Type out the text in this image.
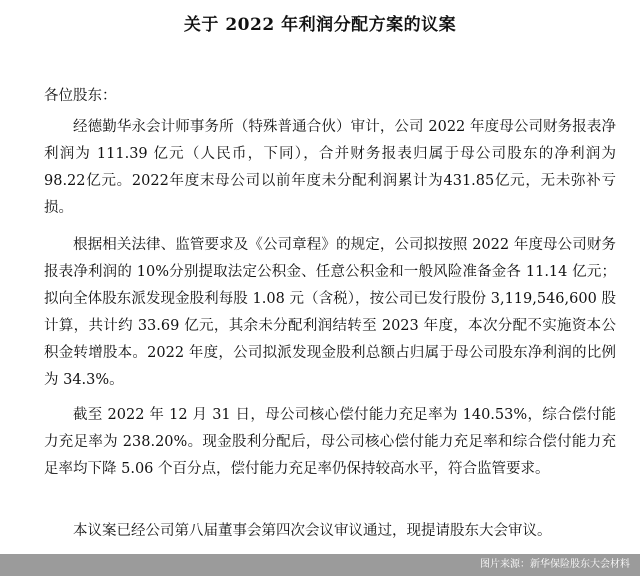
关于 2022 年利润分配方案的议案
各位股东：

经德勤华永会计师事务所（特殊普通合伙）审计，公司 2022 年度母公司财务报表净利润为 111.39 亿元（人民币，下同），合并财务报表归属于母公司股东的净利润为98.22亿元。2022年度末母公司以前年度未分配利润累计为431.85亿元，无未弥补亏损。

根据相关法律、监管要求及《公司章程》的规定，公司拟按照 2022 年度母公司财务报表净利润的 10%分别提取法定公积金、任意公积金和一般风险准备金各 11.14 亿元；拟向全体股东派发现金股利每股 1.08 元（含税），按公司已发行股份 3,119,546,600 股计算，共计约 33.69 亿元，其余未分配利润结转至 2023 年度，本次分配不实施资本公积金转增股本。2022 年度，公司拟派发现金股利总额占归属于母公司股东净利润的比例为 34.3%。

截至 2022 年 12 月 31 日，母公司核心偿付能力充足率为 140.53%，综合偿付能力充足率为 238.20%。现金股利分配后，母公司核心偿付能力充足率和综合偿付能力充足率均下降 5.06 个百分点，偿付能力充足率仍保持较高水平，符合监管要求。

本议案已经公司第八届董事会第四次会议审议通过，现提请股东大会审议。

图片来源：新华保险股东大会材料
